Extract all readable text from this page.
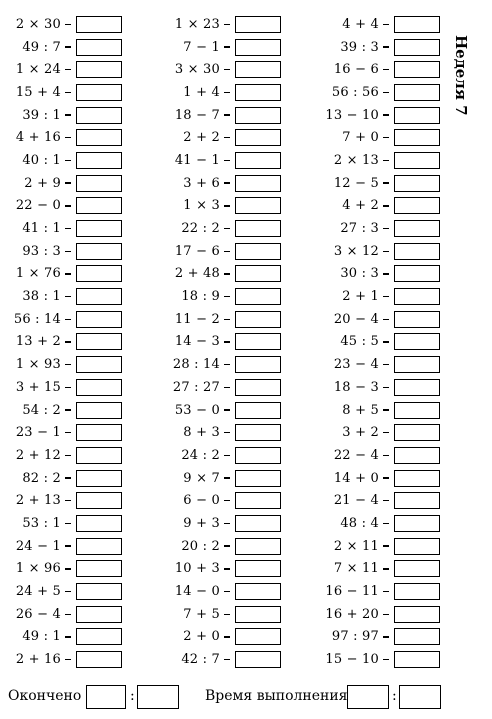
Неделя 7
2 × 30
49 : 7
1 × 24
15 + 4
39 : 1
4 + 16
40 : 1
2 + 9
22 − 0
41 : 1
93 : 3
1 × 76
38 : 1
56 : 14
13 + 2
1 × 93
3 + 15
54 : 2
23 − 1
2 + 12
82 : 2
2 + 13
53 : 1
24 − 1
1 × 96
24 + 5
26 − 4
49 : 1
2 + 16
1 × 23
7 − 1
3 × 30
1 + 4
18 − 7
2 + 2
41 − 1
3 + 6
1 × 3
22 : 2
17 − 6
2 + 48
18 : 9
11 − 2
14 − 3
28 : 14
27 : 27
53 − 0
8 + 3
24 : 2
9 × 7
6 − 0
9 + 3
20 : 2
10 + 3
14 − 0
7 + 5
2 + 0
42 : 7
4 + 4
39 : 3
16 − 6
56 : 56
13 − 10
7 + 0
2 × 13
12 − 5
4 + 2
27 : 3
3 × 12
30 : 3
2 + 1
20 − 4
45 : 5
23 − 4
18 − 3
8 + 5
3 + 2
22 − 4
14 + 0
21 − 4
48 : 4
2 × 11
7 × 11
16 − 11
16 + 20
97 : 97
15 − 10
Окончено	:	Время выполнения	:
